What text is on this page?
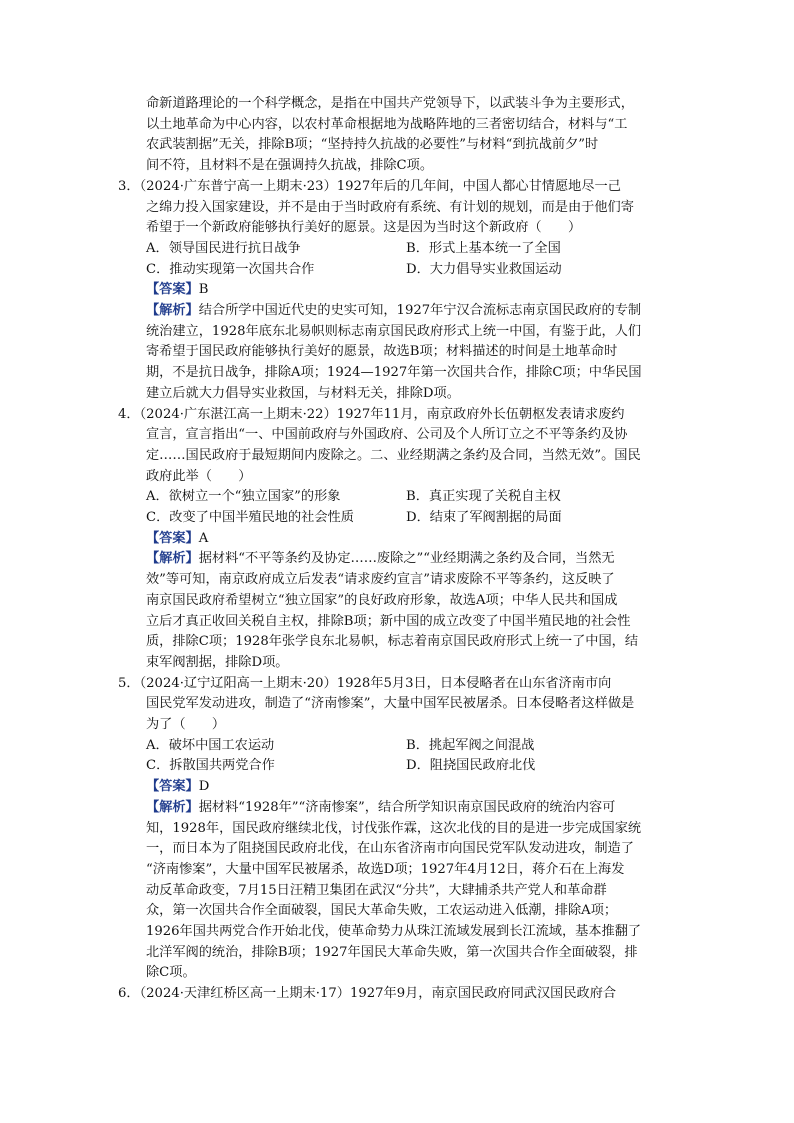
命新道路理论的一个科学概念，是指在中国共产党领导下，以武装斗争为主要形式，
以土地革命为中心内容，以农村革命根据地为战略阵地的三者密切结合，材料与“工
农武装割据”无关，排除B项；“坚持持久抗战的必要性”与材料“到抗战前夕”时
间不符，且材料不是在强调持久抗战，排除C项。
3．（2024·广东普宁高一上期末·23）1927年后的几年间，中国人都心甘情愿地尽一己
之绵力投入国家建设，并不是由于当时政府有系统、有计划的规划，而是由于他们寄
希望于一个新政府能够执行美好的愿景。这是因为当时这个新政府（　　）
A．领导国民进行抗日战争	B．形式上基本统一了全国
C．推动实现第一次国共合作	D．大力倡导实业救国运动
【答案】B
【解析】结合所学中国近代史的史实可知，1927年宁汉合流标志南京国民政府的专制
统治建立，1928年底东北易帜则标志南京国民政府形式上统一中国，有鉴于此，人们
寄希望于国民政府能够执行美好的愿景，故选B项；材料描述的时间是土地革命时
期，不是抗日战争，排除A项；1924—1927年第一次国共合作，排除C项；中华民国
建立后就大力倡导实业救国，与材料无关，排除D项。
4．（2024·广东湛江高一上期末·22）1927年11月，南京政府外长伍朝枢发表请求废约
宣言，宣言指出“一、中国前政府与外国政府、公司及个人所订立之不平等条约及协
定……国民政府于最短期间内废除之。二、业经期满之条约及合同，当然无效”。国民
政府此举（　　）
A．欲树立一个“独立国家”的形象	B．真正实现了关税自主权
C．改变了中国半殖民地的社会性质	D．结束了军阀割据的局面
【答案】A
【解析】据材料“不平等条约及协定……废除之”“业经期满之条约及合同，当然无
效”等可知，南京政府成立后发表“请求废约宣言”请求废除不平等条约，这反映了
南京国民政府希望树立“独立国家”的良好政府形象，故选A项；中华人民共和国成
立后才真正收回关税自主权，排除B项；新中国的成立改变了中国半殖民地的社会性
质，排除C项；1928年张学良东北易帜，标志着南京国民政府形式上统一了中国，结
束军阀割据，排除D项。
5．（2024·辽宁辽阳高一上期末·20）1928年5月3日，日本侵略者在山东省济南市向
国民党军发动进攻，制造了“济南惨案”，大量中国军民被屠杀。日本侵略者这样做是
为了（　　）
A．破坏中国工农运动	B．挑起军阀之间混战
C．拆散国共两党合作	D．阻挠国民政府北伐
【答案】D
【解析】据材料“1928年”“济南惨案”，结合所学知识南京国民政府的统治内容可
知，1928年，国民政府继续北伐，讨伐张作霖，这次北伐的目的是进一步完成国家统
一，而日本为了阻挠国民政府北伐，在山东省济南市向国民党军队发动进攻，制造了
“济南惨案”，大量中国军民被屠杀，故选D项；1927年4月12日，蒋介石在上海发
动反革命政变，7月15日汪精卫集团在武汉“分共”，大肆捕杀共产党人和革命群
众，第一次国共合作全面破裂，国民大革命失败，工农运动进入低潮，排除A项；
1926年国共两党合作开始北伐，使革命势力从珠江流域发展到长江流域，基本推翻了
北洋军阀的统治，排除B项；1927年国民大革命失败，第一次国共合作全面破裂，排
除C项。
6．（2024·天津红桥区高一上期末·17）1927年9月，南京国民政府同武汉国民政府合
